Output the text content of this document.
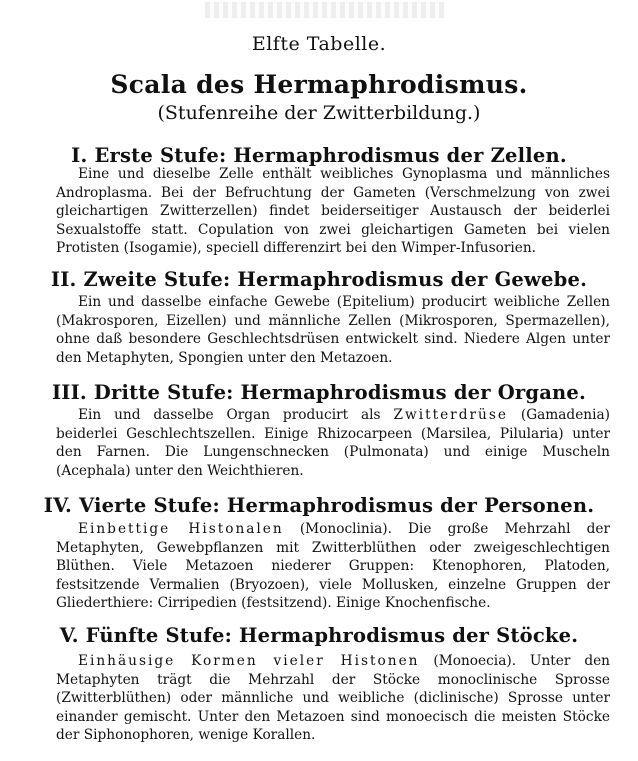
Elfte Tabelle.
Scala des Hermaphrodismus.
(Stufenreihe der Zwitterbildung.)
I. Erste Stufe: Hermaphrodismus der Zellen.
Eine und dieselbe Zelle enthält weibliches Gynoplasma und männliches Androplasma. Bei der Befruchtung der Gameten (Verschmelzung von zwei gleichartigen Zwitterzellen) findet beiderseitiger Austausch der beiderlei Sexualstoffe statt. Copulation von zwei gleichartigen Gameten bei vielen Protisten (Isogamie), speciell differenzirt bei den Wimper-Infusorien.
II. Zweite Stufe: Hermaphrodismus der Gewebe.
Ein und dasselbe einfache Gewebe (Epitelium) producirt weibliche Zellen (Makrosporen, Eizellen) und männliche Zellen (Mikrosporen, Spermazellen), ohne daß besondere Geschlechtsdrüsen entwickelt sind. Niedere Algen unter den Metaphyten, Spongien unter den Metazoen.
III. Dritte Stufe: Hermaphrodismus der Organe.
Ein und dasselbe Organ producirt als Zwitterdrüse (Gamadenia) beiderlei Geschlechtszellen. Einige Rhizocarpeen (Marsilea, Pilularia) unter den Farnen. Die Lungenschnecken (Pulmonata) und einige Muscheln (Acephala) unter den Weichthieren.
IV. Vierte Stufe: Hermaphrodismus der Personen.
Einbettige Histonalen (Monoclinia). Die große Mehrzahl der Metaphyten, Gewebpflanzen mit Zwitterblüthen oder zweigeschlechtigen Blüthen. Viele Metazoen niederer Gruppen: Ktenophoren, Platoden, festsitzende Vermalien (Bryozoen), viele Mollusken, einzelne Gruppen der Gliederthiere: Cirripedien (festsitzend). Einige Knochenfische.
V. Fünfte Stufe: Hermaphrodismus der Stöcke.
Einhäusige Kormen vieler Histonen (Monoecia). Unter den Metaphyten trägt die Mehrzahl der Stöcke monoclinische Sprosse (Zwitterblüthen) oder männliche und weibliche (diclinische) Sprosse unter einander gemischt. Unter den Metazoen sind monoecisch die meisten Stöcke der Siphonophoren, wenige Korallen.
